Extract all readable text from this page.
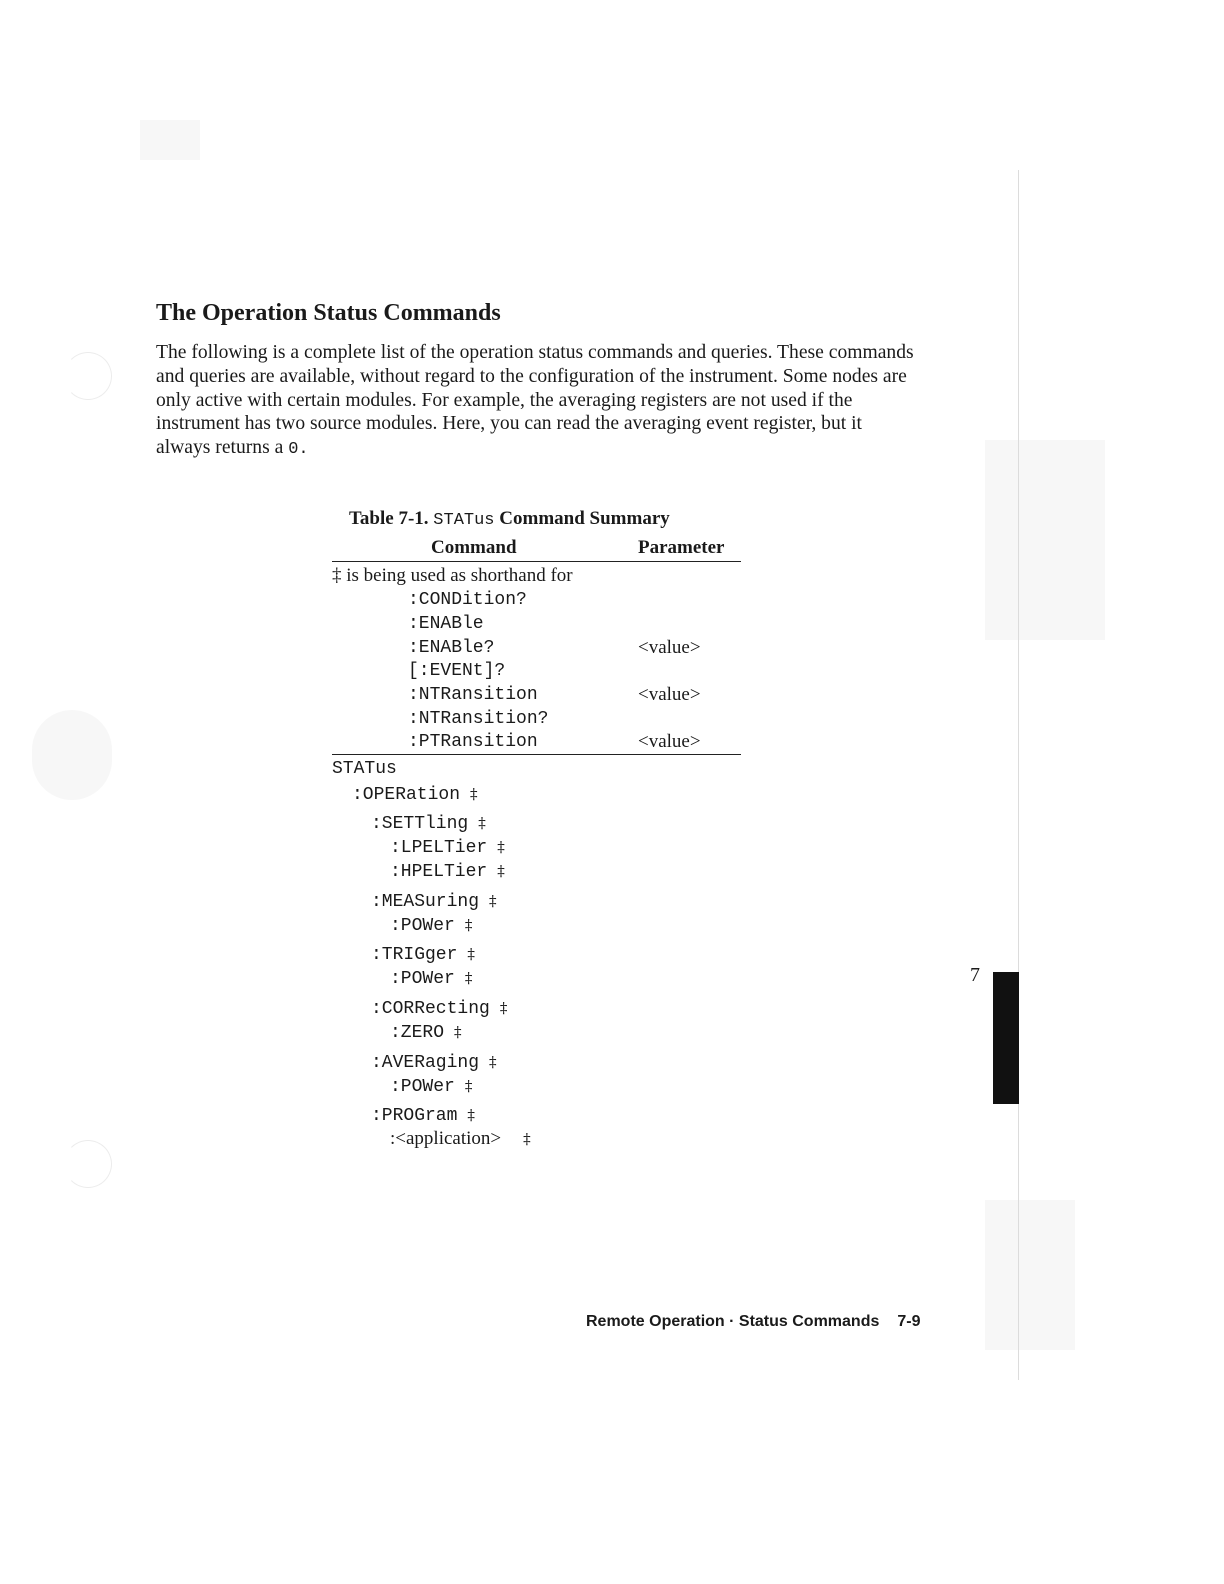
The Operation Status Commands

The following is a complete list of the operation status commands and queries. These commands and queries are available, without regard to the configuration of the instrument. Some nodes are only active with certain modules. For example, the averaging registers are not used if the instrument has two source modules. Here, you can read the averaging event register, but it always returns a 0.

Table 7-1. STATus Command Summary
Command	Parameter
‡ is being used as shorthand for
:CONDition?
:ENABle
:ENABle?	<value>
[:EVENt]?
:NTRansition	<value>
:NTRansition?
:PTRansition	<value>
STATus
:OPERation ‡
:SETTling ‡
:LPELTier ‡
:HPELTier ‡
:MEASuring ‡
:POWer ‡
:TRIGger ‡
:POWer ‡
:CORRecting ‡
:ZERO ‡
:AVERaging ‡
:POWer ‡
:PROGram ‡
:<application> ‡
7
Remote Operation · Status Commands 7-9
